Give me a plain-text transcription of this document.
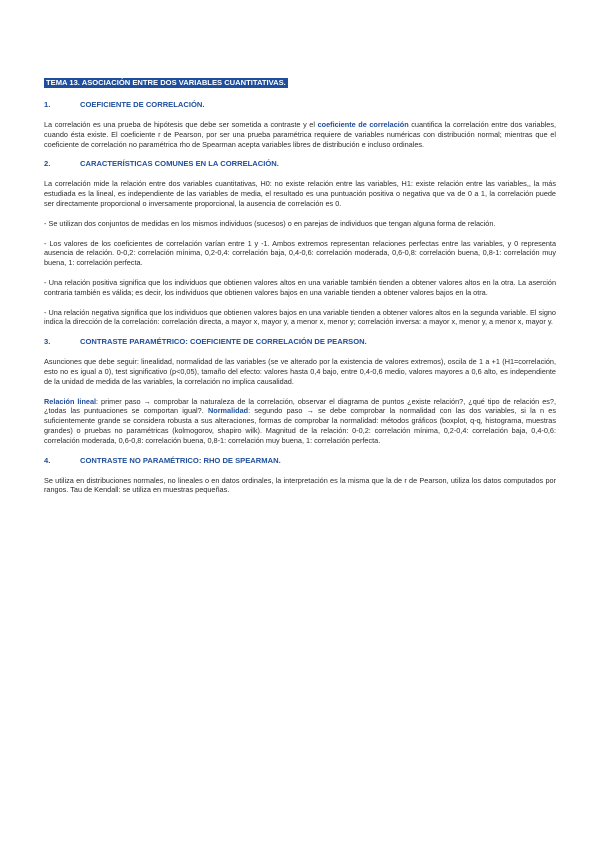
TEMA 13. ASOCIACIÓN ENTRE DOS VARIABLES CUANTITATIVAS.
1.	COEFICIENTE DE CORRELACIÓN.

La correlación es una prueba de hipótesis que debe ser sometida a contraste y el coeficiente de correlación cuantifica la correlación entre dos variables, cuando ésta existe. El coeficiente r de Pearson, por ser una prueba paramétrica requiere de variables numéricas con distribución normal; mientras que el coeficiente de correlación no paramétrica rho de Spearman acepta variables libres de distribución e incluso ordinales.

2.	CARACTERÍSTICAS COMUNES EN LA CORRELACIÓN.

La correlación mide la relación entre dos variables cuantitativas, H0: no existe relación entre las variables, H1: existe relación entre las variables,, la más estudiada es la lineal, es independiente de las variables de media, el resultado es una puntuación positiva o negativa que va de 0 a 1, la correlación puede ser directamente proporcional o inversamente proporcional, la ausencia de correlación es 0.

- Se utilizan dos conjuntos de medidas en los mismos individuos (sucesos) o en parejas de individuos que tengan alguna forma de relación.

- Los valores de los coeficientes de correlación varían entre 1 y -1. Ambos extremos representan relaciones perfectas entre las variables, y 0 representa ausencia de relación. 0-0,2: correlación mínima, 0,2-0,4: correlación baja, 0,4-0,6: correlación moderada, 0,6-0,8: correlación buena, 0,8-1: correlación muy buena, 1: correlación perfecta.

- Una relación positiva significa que los individuos que obtienen valores altos en una variable también tienden a obtener valores altos en la otra. La aserción contraria también es válida; es decir, los individuos que obtienen valores bajos en una variable tienden a obtener valores bajos en la otra.

- Una relación negativa significa que los individuos que obtienen valores bajos en una variable tienden a obtener valores altos en la segunda variable. El signo indica la dirección de la correlación: correlación directa, a mayor x, mayor y, a menor x, menor y; correlación inversa: a mayor x, menor y, a menor x, mayor y.

3.	CONTRASTE PARAMÉTRICO: COEFICIENTE DE CORRELACIÓN DE PEARSON.

Asunciones que debe seguir: linealidad, normalidad de las variables (se ve alterado por la existencia de valores extremos), oscila de 1 a +1 (H1=correlación, esto no es igual a 0), test significativo (p<0,05), tamaño del efecto: valores hasta 0,4 bajo, entre 0,4-0,6 medio, valores mayores a 0,6 alto, es independiente de la unidad de medida de las variables, la correlación no implica causalidad.

Relación lineal: primer paso → comprobar la naturaleza de la correlación, observar el diagrama de puntos ¿existe relación?, ¿qué tipo de relación es?, ¿todas las puntuaciones se comportan igual?. Normalidad: segundo paso → se debe comprobar la normalidad con las dos variables, si la n es suficientemente grande se considera robusta a sus alteraciones, formas de comprobar la normalidad: métodos gráficos (boxplot, q-q, histograma, muestras grandes) o pruebas no paramétricas (kolmogorov, shapiro wilk). Magnitud de la relación: 0-0,2: correlación mínima, 0,2-0,4: correlación baja, 0,4-0,6: correlación moderada, 0,6-0,8: correlación buena, 0,8-1: correlación muy buena, 1: correlación perfecta.

4.	CONTRASTE NO PARAMÉTRICO: RHO DE SPEARMAN.

Se utiliza en distribuciones normales, no lineales o en datos ordinales, la interpretación es la misma que la de r de Pearson, utiliza los datos computados por rangos. Tau de Kendall: se utiliza en muestras pequeñas.
